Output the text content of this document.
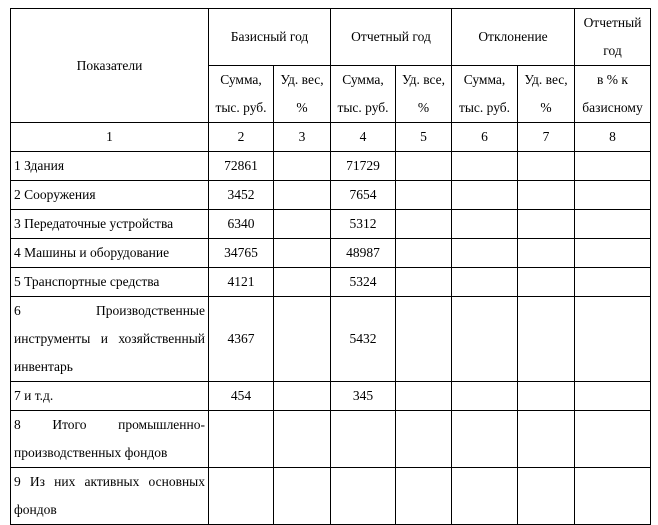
Показатели	Базисный год		Отчетный год		Отклонение		Отчетный год
	Сумма, тыс. руб.	Уд. вес, %	Сумма, тыс. руб.	Уд. все, %	Сумма, тыс. руб.	Уд. вес, %	в % к базисному
1	2	3	4	5	6	7	8
1 Здания	72861		71729				
2 Сооружения	3452		7654				
3 Передаточные устройства	6340		5312				
4 Машины и оборудование	34765		48987				
5 Транспортные средства	4121		5324				
6 Производственные инструменты и хозяйственный инвентарь	4367		5432				
7 и т.д.	454		345				
8 Итого промышленно-производственных фондов							
9 Из них активных основных фондов							
